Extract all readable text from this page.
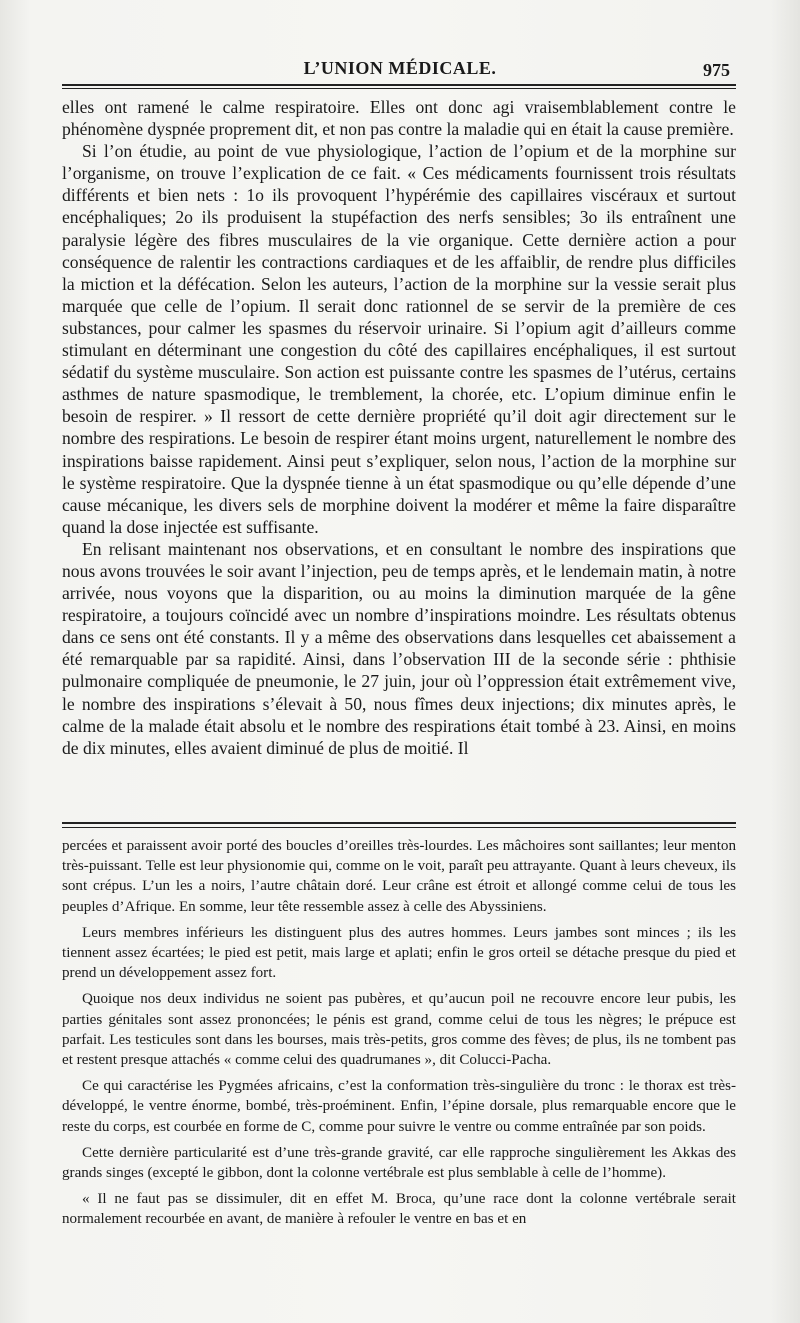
L’UNION MÉDICALE.	975

elles ont ramené le calme respiratoire. Elles ont donc agi vraisemblablement contre le phénomène dyspnée proprement dit, et non pas contre la maladie qui en était la cause première.

Si l’on étudie, au point de vue physiologique, l’action de l’opium et de la morphine sur l’organisme, on trouve l’explication de ce fait. « Ces médicaments fournissent trois résultats différents et bien nets : 1o ils provoquent l’hypérémie des capillaires viscéraux et surtout encéphaliques; 2o ils produisent la stupéfaction des nerfs sensibles; 3o ils entraînent une paralysie légère des fibres musculaires de la vie organique. Cette dernière action a pour conséquence de ralentir les contractions cardiaques et de les affaiblir, de rendre plus difficiles la miction et la défécation. Selon les auteurs, l’action de la morphine sur la vessie serait plus marquée que celle de l’opium. Il serait donc rationnel de se servir de la première de ces substances, pour calmer les spasmes du réservoir urinaire. Si l’opium agit d’ailleurs comme stimulant en déterminant une congestion du côté des capillaires encéphaliques, il est surtout sédatif du système musculaire. Son action est puissante contre les spasmes de l’utérus, certains asthmes de nature spasmodique, le tremblement, la chorée, etc. L’opium diminue enfin le besoin de respirer. » Il ressort de cette dernière propriété qu’il doit agir directement sur le nombre des respirations. Le besoin de respirer étant moins urgent, naturellement le nombre des inspirations baisse rapidement. Ainsi peut s’expliquer, selon nous, l’action de la morphine sur le système respiratoire. Que la dyspnée tienne à un état spasmodique ou qu’elle dépende d’une cause mécanique, les divers sels de morphine doivent la modérer et même la faire disparaître quand la dose injectée est suffisante.

En relisant maintenant nos observations, et en consultant le nombre des inspirations que nous avons trouvées le soir avant l’injection, peu de temps après, et le lendemain matin, à notre arrivée, nous voyons que la disparition, ou au moins la diminution marquée de la gêne respiratoire, a toujours coïncidé avec un nombre d’inspirations moindre. Les résultats obtenus dans ce sens ont été constants. Il y a même des observations dans lesquelles cet abaissement a été remarquable par sa rapidité. Ainsi, dans l’observation III de la seconde série : phthisie pulmonaire compliquée de pneumonie, le 27 juin, jour où l’oppression était extrêmement vive, le nombre des inspirations s’élevait à 50, nous fîmes deux injections; dix minutes après, le calme de la malade était absolu et le nombre des respirations était tombé à 23. Ainsi, en moins de dix minutes, elles avaient diminué de plus de moitié. Il

percées et paraissent avoir porté des boucles d’oreilles très-lourdes. Les mâchoires sont saillantes; leur menton très-puissant. Telle est leur physionomie qui, comme on le voit, paraît peu attrayante. Quant à leurs cheveux, ils sont crépus. L’un les a noirs, l’autre châtain doré. Leur crâne est étroit et allongé comme celui de tous les peuples d’Afrique. En somme, leur tête ressemble assez à celle des Abyssiniens.

Leurs membres inférieurs les distinguent plus des autres hommes. Leurs jambes sont minces ; ils les tiennent assez écartées; le pied est petit, mais large et aplati; enfin le gros orteil se détache presque du pied et prend un développement assez fort.

Quoique nos deux individus ne soient pas pubères, et qu’aucun poil ne recouvre encore leur pubis, les parties génitales sont assez prononcées; le pénis est grand, comme celui de tous les nègres; le prépuce est parfait. Les testicules sont dans les bourses, mais très-petits, gros comme des fèves; de plus, ils ne tombent pas et restent presque attachés « comme celui des quadrumanes », dit Colucci-Pacha.

Ce qui caractérise les Pygmées africains, c’est la conformation très-singulière du tronc : le thorax est très-développé, le ventre énorme, bombé, très-proéminent. Enfin, l’épine dorsale, plus remarquable encore que le reste du corps, est courbée en forme de C, comme pour suivre le ventre ou comme entraînée par son poids.

Cette dernière particularité est d’une très-grande gravité, car elle rapproche singulièrement les Akkas des grands singes (excepté le gibbon, dont la colonne vertébrale est plus semblable à celle de l’homme).

« Il ne faut pas se dissimuler, dit en effet M. Broca, qu’une race dont la colonne vertébrale serait normalement recourbée en avant, de manière à refouler le ventre en bas et en
